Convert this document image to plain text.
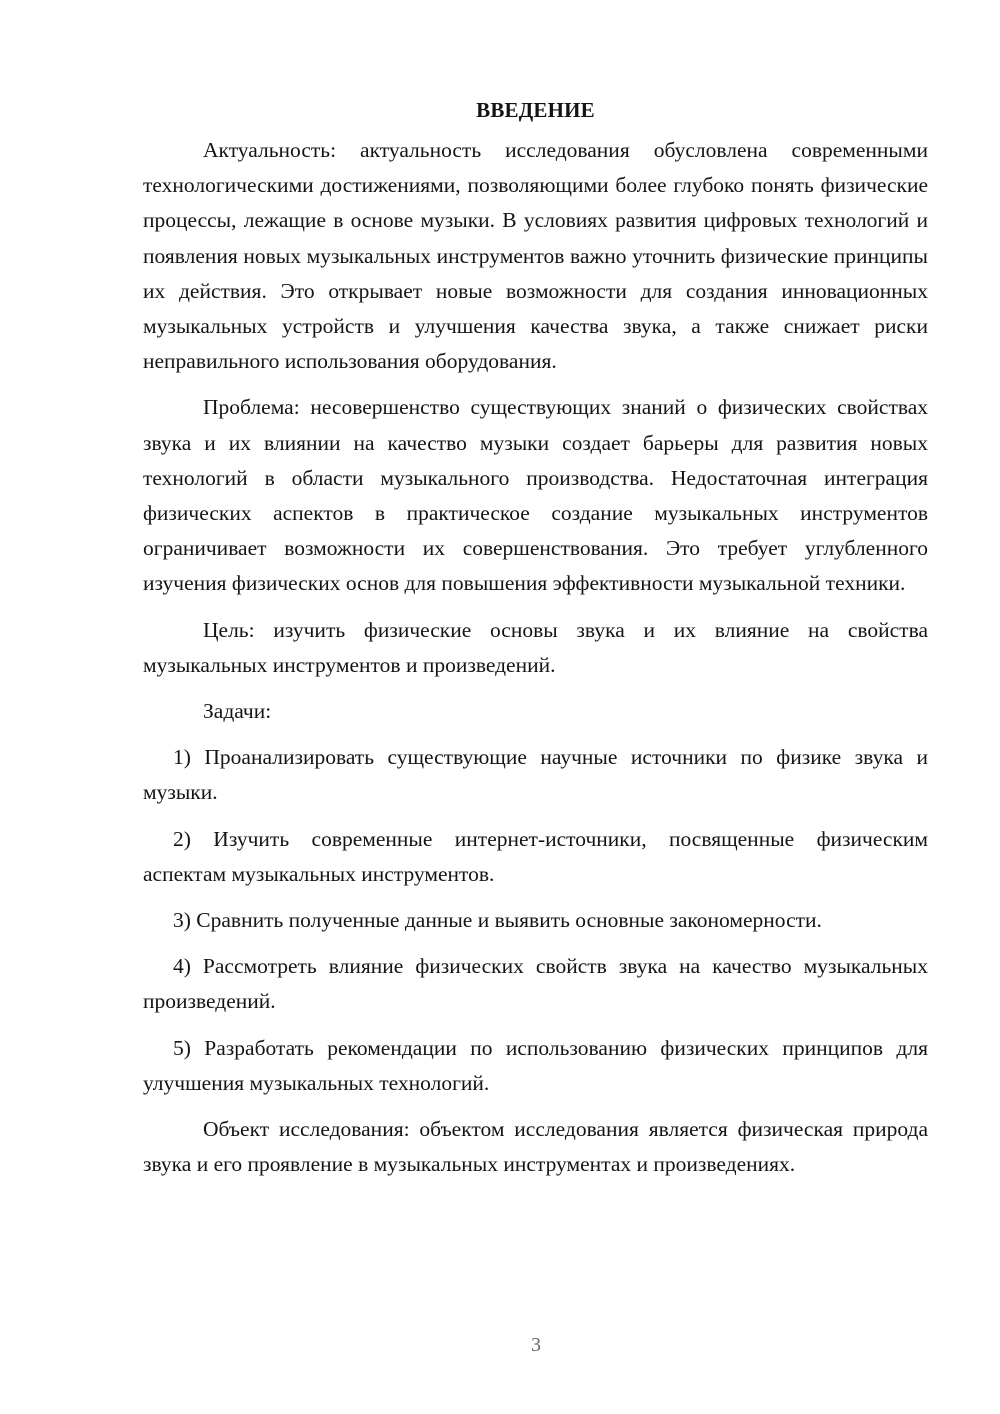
ВВЕДЕНИЕ

Актуальность: актуальность исследования обусловлена современными технологическими достижениями, позволяющими более глубоко понять физические процессы, лежащие в основе музыки. В условиях развития цифровых технологий и появления новых музыкальных инструментов важно уточнить физические принципы их действия. Это открывает новые возможности для создания инновационных музыкальных устройств и улучшения качества звука, а также снижает риски неправильного использования оборудования.

Проблема: несовершенство существующих знаний о физических свойствах звука и их влиянии на качество музыки создает барьеры для развития новых технологий в области музыкального производства. Недостаточная интеграция физических аспектов в практическое создание музыкальных инструментов ограничивает возможности их совершенствования. Это требует углубленного изучения физических основ для повышения эффективности музыкальной техники.

Цель: изучить физические основы звука и их влияние на свойства музыкальных инструментов и произведений.

Задачи:

1) Проанализировать существующие научные источники по физике звука и музыки.

2) Изучить современные интернет-источники, посвященные физическим аспектам музыкальных инструментов.

3) Сравнить полученные данные и выявить основные закономерности.

4) Рассмотреть влияние физических свойств звука на качество музыкальных произведений.

5) Разработать рекомендации по использованию физических принципов для улучшения музыкальных технологий.

Объект исследования: объектом исследования является физическая природа звука и его проявление в музыкальных инструментах и произведениях.

3
